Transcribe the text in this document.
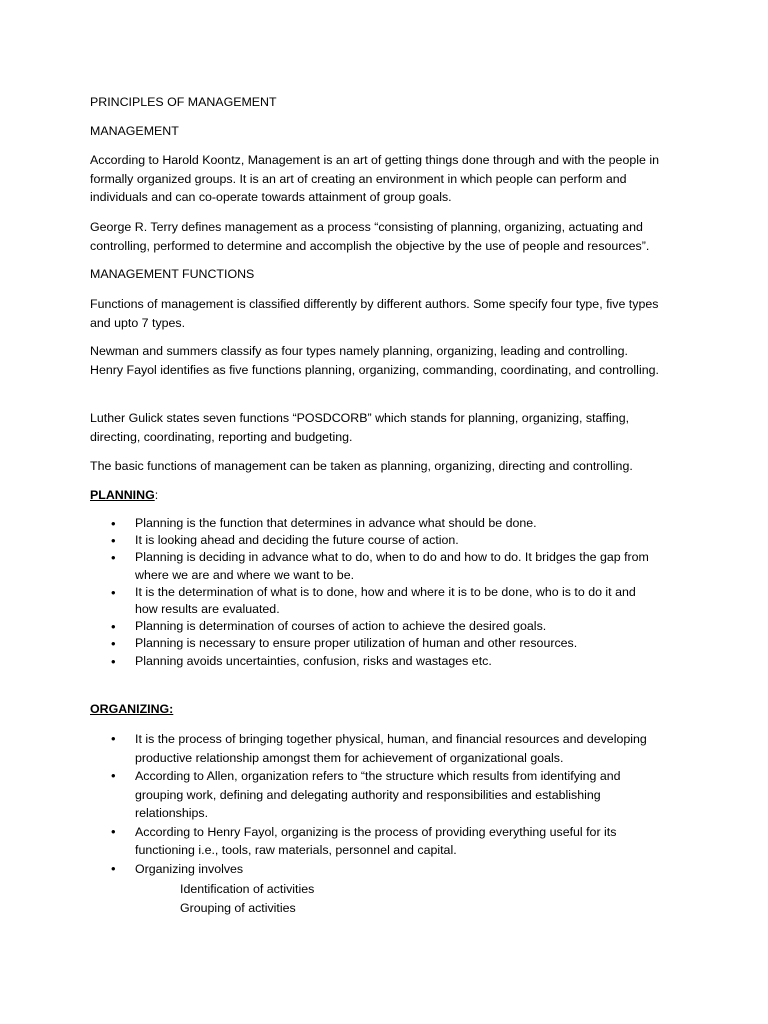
PRINCIPLES OF MANAGEMENT

MANAGEMENT

According to Harold Koontz, Management is an art of getting things done through and with the people in
formally organized groups. It is an art of creating an environment in which people can perform and
individuals and can co-operate towards attainment of group goals.

George R. Terry defines management as a process “consisting of planning, organizing, actuating and
controlling, performed to determine and accomplish the objective by the use of people and resources”.

MANAGEMENT FUNCTIONS

Functions of management is classified differently by different authors. Some specify four type, five types
and upto 7 types.

Newman and summers classify as four types namely planning, organizing, leading and controlling.
Henry Fayol identifies as five functions planning, organizing, commanding, coordinating, and controlling.

Luther Gulick states seven functions “POSDCORB” which stands for planning, organizing, staffing,
directing, coordinating, reporting and budgeting.

The basic functions of management can be taken as planning, organizing, directing and controlling.

PLANNING:

• Planning is the function that determines in advance what should be done.
• It is looking ahead and deciding the future course of action.
• Planning is deciding in advance what to do, when to do and how to do. It bridges the gap from
where we are and where we want to be.
• It is the determination of what is to done, how and where it is to be done, who is to do it and
how results are evaluated.
• Planning is determination of courses of action to achieve the desired goals.
• Planning is necessary to ensure proper utilization of human and other resources.
• Planning avoids uncertainties, confusion, risks and wastages etc.

ORGANIZING:

• It is the process of bringing together physical, human, and financial resources and developing
productive relationship amongst them for achievement of organizational goals.
• According to Allen, organization refers to “the structure which results from identifying and
grouping work, defining and delegating authority and responsibilities and establishing
relationships.
• According to Henry Fayol, organizing is the process of providing everything useful for its
functioning i.e., tools, raw materials, personnel and capital.
• Organizing involves

Identification of activities

Grouping of activities
